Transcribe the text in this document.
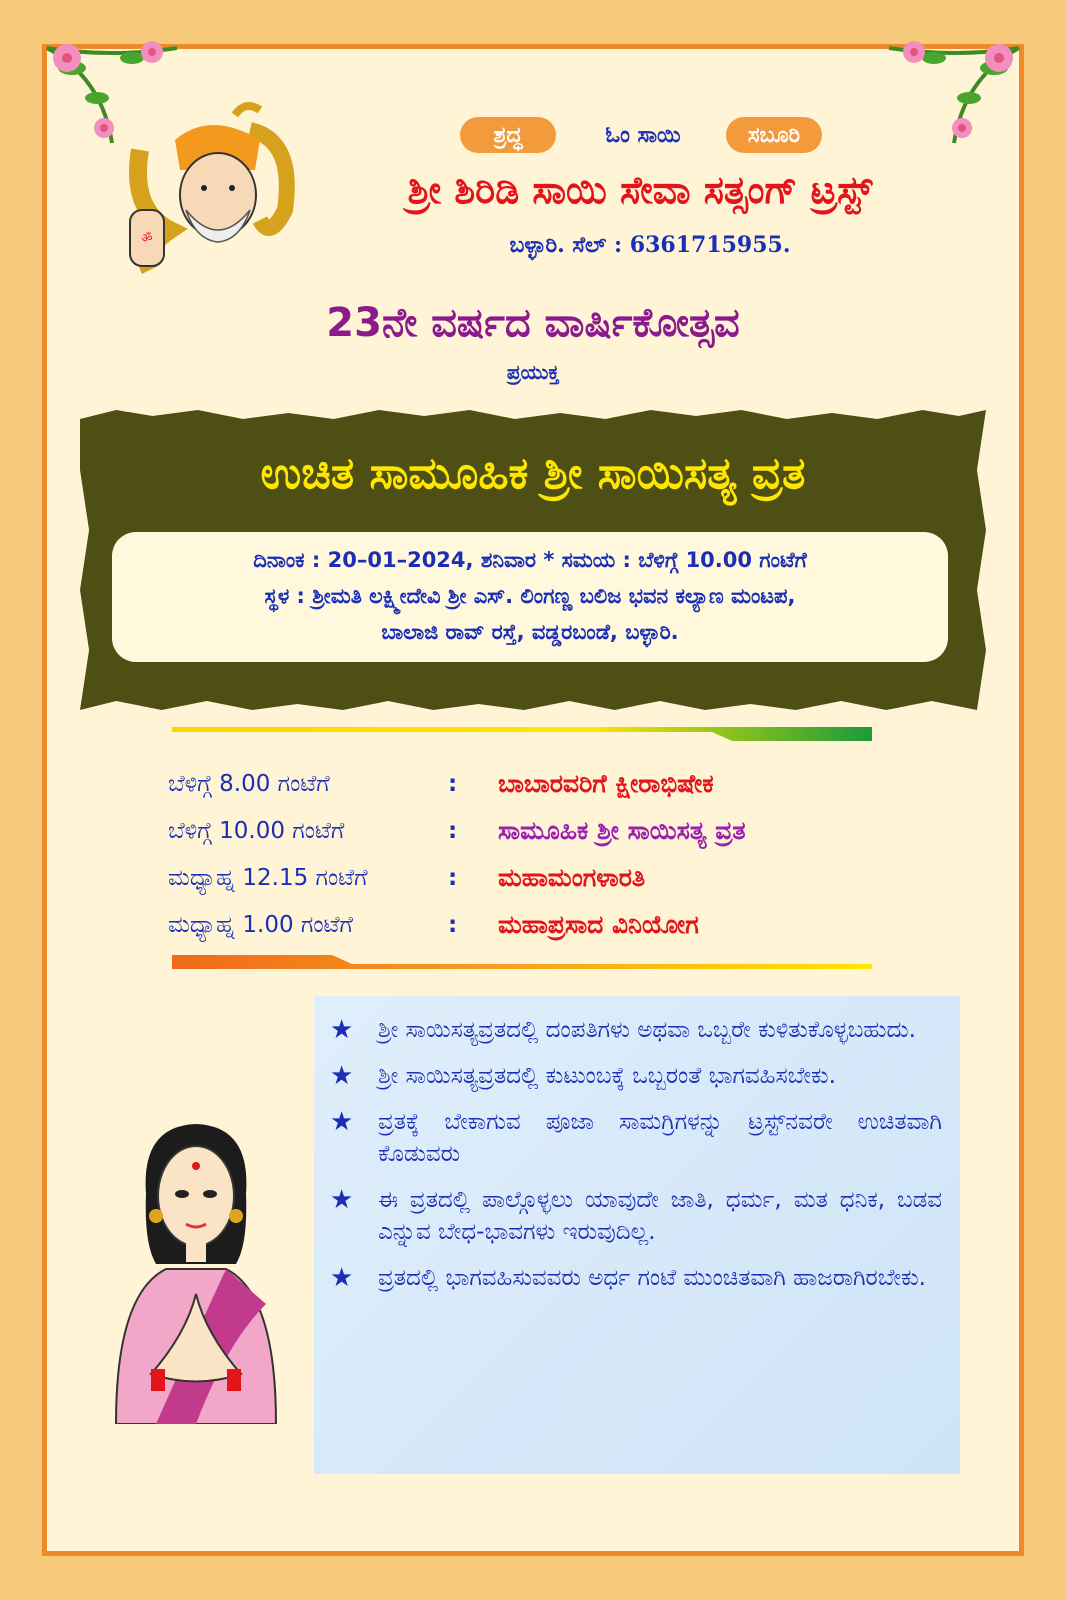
ॐ
ಶ್ರದ್ಧ	ಓಂ ಸಾಯಿ	ಸಬೂರಿ
ಶ್ರೀ ಶಿರಿಡಿ ಸಾಯಿ ಸೇವಾ ಸತ್ಸಂಗ್ ಟ್ರಸ್ಟ್
ಬಳ್ಳಾರಿ. ಸೆಲ್ : 6361715955.
23ನೇ ವರ್ಷದ ವಾರ್ಷಿಕೋತ್ಸವ
ಪ್ರಯುಕ್ತ
ಉಚಿತ ಸಾಮೂಹಿಕ ಶ್ರೀ ಸಾಯಿಸತ್ಯ ವ್ರತ
ದಿನಾಂಕ : 20–01–2024, ಶನಿವಾರ * ಸಮಯ : ಬೆಳಿಗ್ಗೆ 10.00 ಗಂಟೆಗೆ
ಸ್ಥಳ : ಶ್ರೀಮತಿ ಲಕ್ಷ್ಮೀದೇವಿ ಶ್ರೀ ಎಸ್. ಲಿಂಗಣ್ಣ ಬಲಿಜ ಭವನ ಕಲ್ಯಾಣ ಮಂಟಪ,
ಬಾಲಾಜಿ ರಾವ್ ರಸ್ತೆ, ವಡ್ಡರಬಂಡೆ, ಬಳ್ಳಾರಿ.
ಬೆಳಿಗ್ಗೆ 8.00 ಗಂಟೆಗೆ	:	ಬಾಬಾರವರಿಗೆ ಕ್ಷೀರಾಭಿಷೇಕ
ಬೆಳಿಗ್ಗೆ 10.00 ಗಂಟೆಗೆ	:	ಸಾಮೂಹಿಕ ಶ್ರೀ ಸಾಯಿಸತ್ಯ ವ್ರತ
ಮಧ್ಯಾಹ್ನ 12.15 ಗಂಟೆಗೆ	:	ಮಹಾಮಂಗಳಾರತಿ
ಮಧ್ಯಾಹ್ನ 1.00 ಗಂಟೆಗೆ	:	ಮಹಾಪ್ರಸಾದ ವಿನಿಯೋಗ
★	ಶ್ರೀ ಸಾಯಿಸತ್ಯವ್ರತದಲ್ಲಿ ದಂಪತಿಗಳು ಅಥವಾ ಒಬ್ಬರೇ ಕುಳಿತುಕೊಳ್ಳಬಹುದು.
★	ಶ್ರೀ ಸಾಯಿಸತ್ಯವ್ರತದಲ್ಲಿ ಕುಟುಂಬಕ್ಕೆ ಒಬ್ಬರಂತೆ ಭಾಗವಹಿಸಬೇಕು.
★	ವ್ರತಕ್ಕೆ ಬೇಕಾಗುವ ಪೂಜಾ ಸಾಮಗ್ರಿಗಳನ್ನು ಟ್ರಸ್ಟ್‌ನವರೇ ಉಚಿತವಾಗಿ ಕೊಡುವರು
★	ಈ ವ್ರತದಲ್ಲಿ ಪಾಲ್ಗೊಳ್ಳಲು ಯಾವುದೇ ಜಾತಿ, ಧರ್ಮ, ಮತ ಧನಿಕ, ಬಡವ ಎನ್ನುವ ಬೇಧ-ಭಾವಗಳು ಇರುವುದಿಲ್ಲ.
★	ವ್ರತದಲ್ಲಿ ಭಾಗವಹಿಸುವವರು ಅರ್ಧ ಗಂಟೆ ಮುಂಚಿತವಾಗಿ ಹಾಜರಾಗಿರಬೇಕು.
